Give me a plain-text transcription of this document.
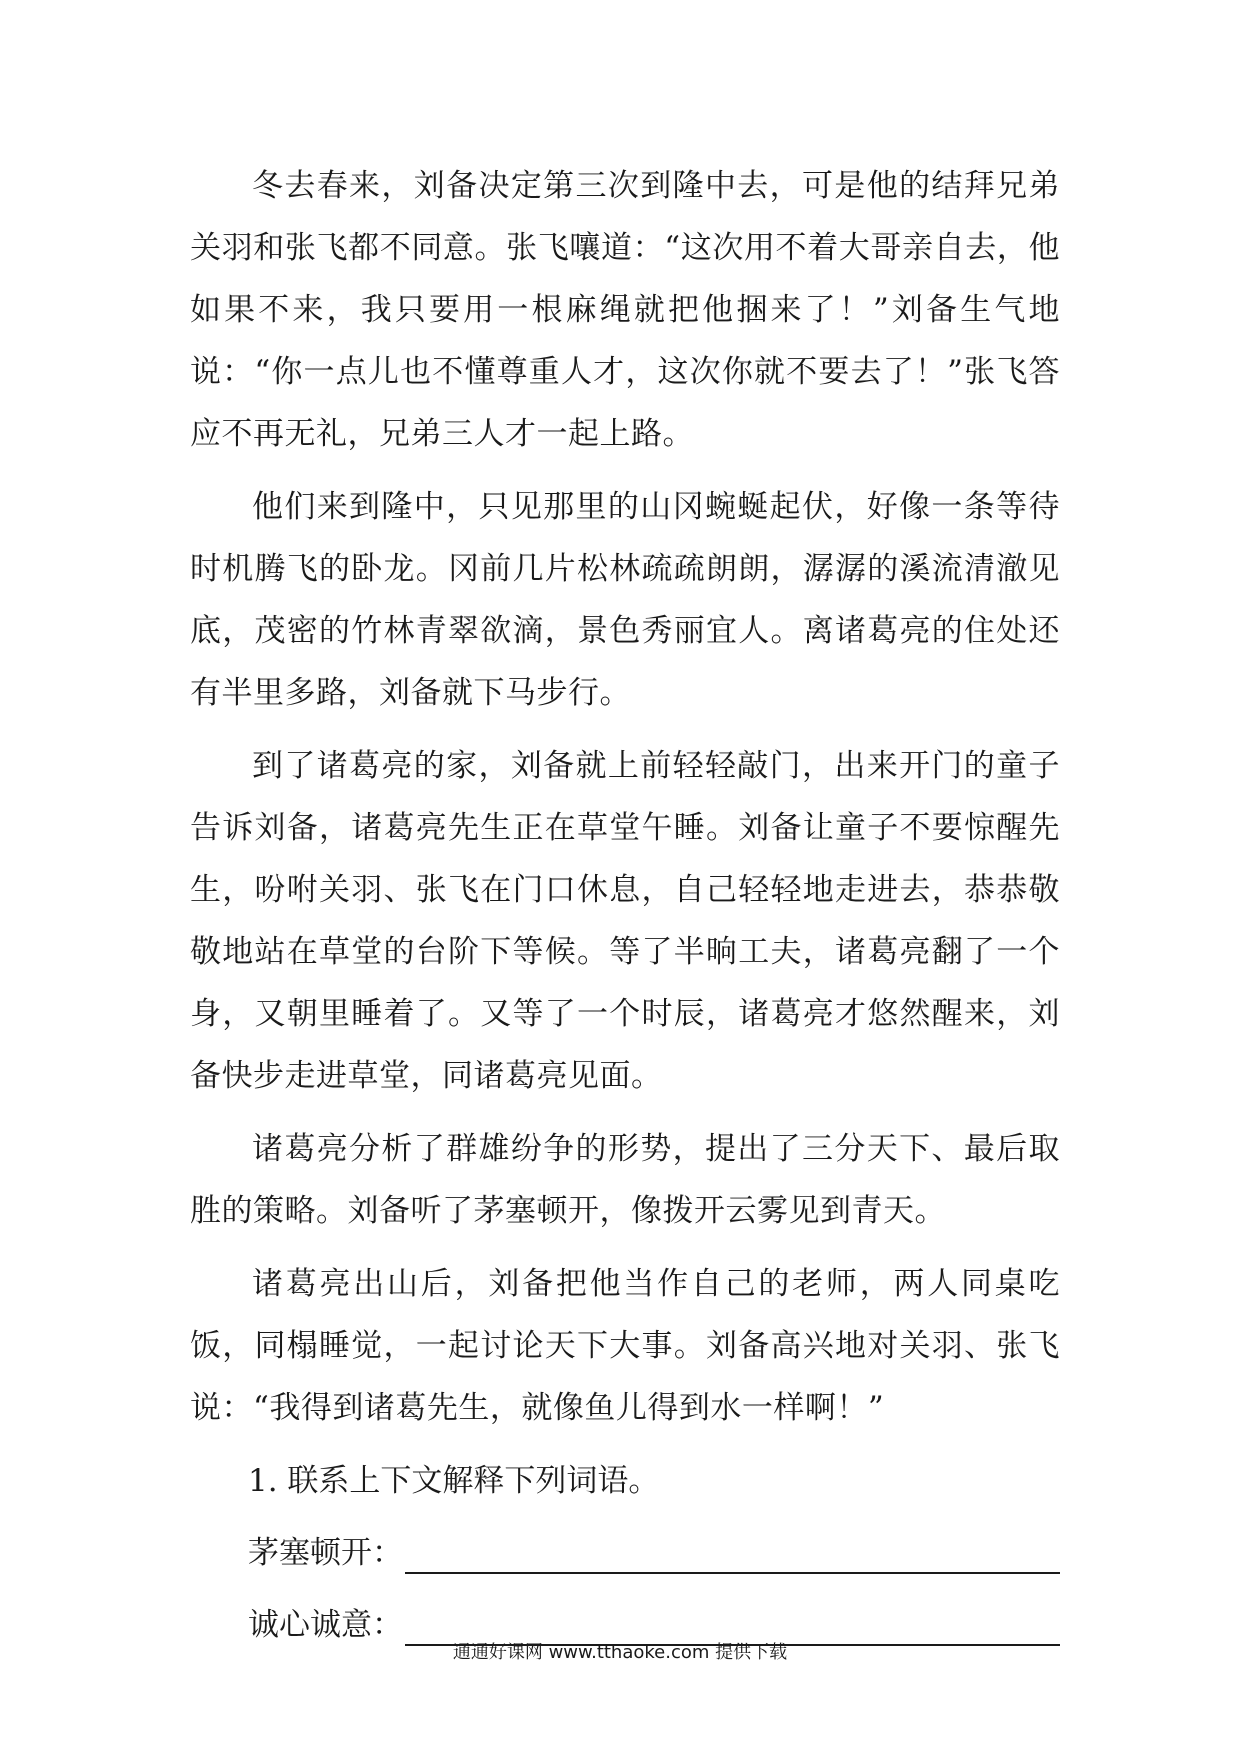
冬去春来，刘备决定第三次到隆中去，可是他的结拜兄弟关羽和张飞都不同意。张飞嚷道：“这次用不着大哥亲自去，他如果不来，我只要用一根麻绳就把他捆来了！”刘备生气地说：“你一点儿也不懂尊重人才，这次你就不要去了！”张飞答应不再无礼，兄弟三人才一起上路。

他们来到隆中，只见那里的山冈蜿蜒起伏，好像一条等待时机腾飞的卧龙。冈前几片松林疏疏朗朗，潺潺的溪流清澈见底，茂密的竹林青翠欲滴，景色秀丽宜人。离诸葛亮的住处还有半里多路，刘备就下马步行。

到了诸葛亮的家，刘备就上前轻轻敲门，出来开门的童子告诉刘备，诸葛亮先生正在草堂午睡。刘备让童子不要惊醒先生，吩咐关羽、张飞在门口休息，自己轻轻地走进去，恭恭敬敬地站在草堂的台阶下等候。等了半晌工夫，诸葛亮翻了一个身，又朝里睡着了。又等了一个时辰，诸葛亮才悠然醒来，刘备快步走进草堂，同诸葛亮见面。

诸葛亮分析了群雄纷争的形势，提出了三分天下、最后取胜的策略。刘备听了茅塞顿开，像拨开云雾见到青天。

诸葛亮出山后，刘备把他当作自己的老师，两人同桌吃饭，同榻睡觉，一起讨论天下大事。刘备高兴地对关羽、张飞说：“我得到诸葛先生，就像鱼儿得到水一样啊！”

1. 联系上下文解释下列词语。

茅塞顿开：
诚心诚意：
通通好课网 www.tthaoke.com 提供下载
